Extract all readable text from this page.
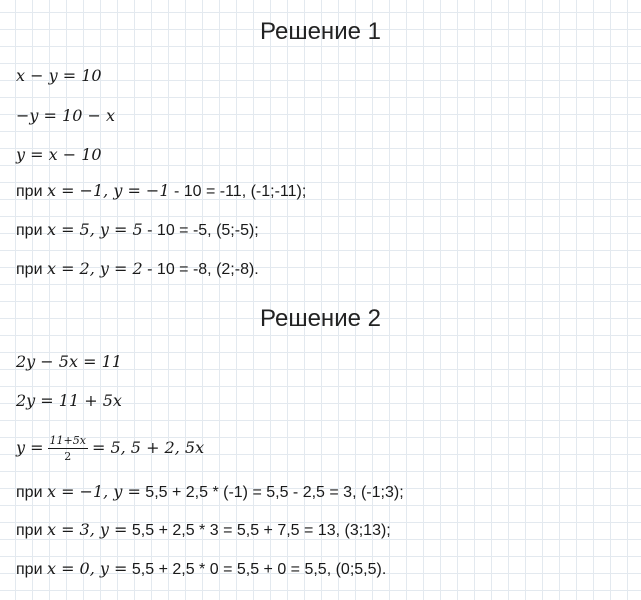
Решение 1
x − y = 10
−y = 10 − x
y = x − 10
при x = −1, y = −1 - 10 = -11, (-1;-11);
при x = 5, y = 5 - 10 = -5, (5;-5);
при x = 2, y = 2 - 10 = -8, (2;-8).
Решение 2
2y − 5x = 11
2y = 11 + 5x
$y = \frac{11+5x}{2} = 5$, 5 + 2, 5x
при x = −1, y = 5,5 + 2,5 * (-1) = 5,5 - 2,5 = 3, (-1;3);
при x = 3, y = 5,5 + 2,5 * 3 = 5,5 + 7,5 = 13, (3;13);
при x = 0, y = 5,5 + 2,5 * 0 = 5,5 + 0 = 5,5, (0;5,5).
